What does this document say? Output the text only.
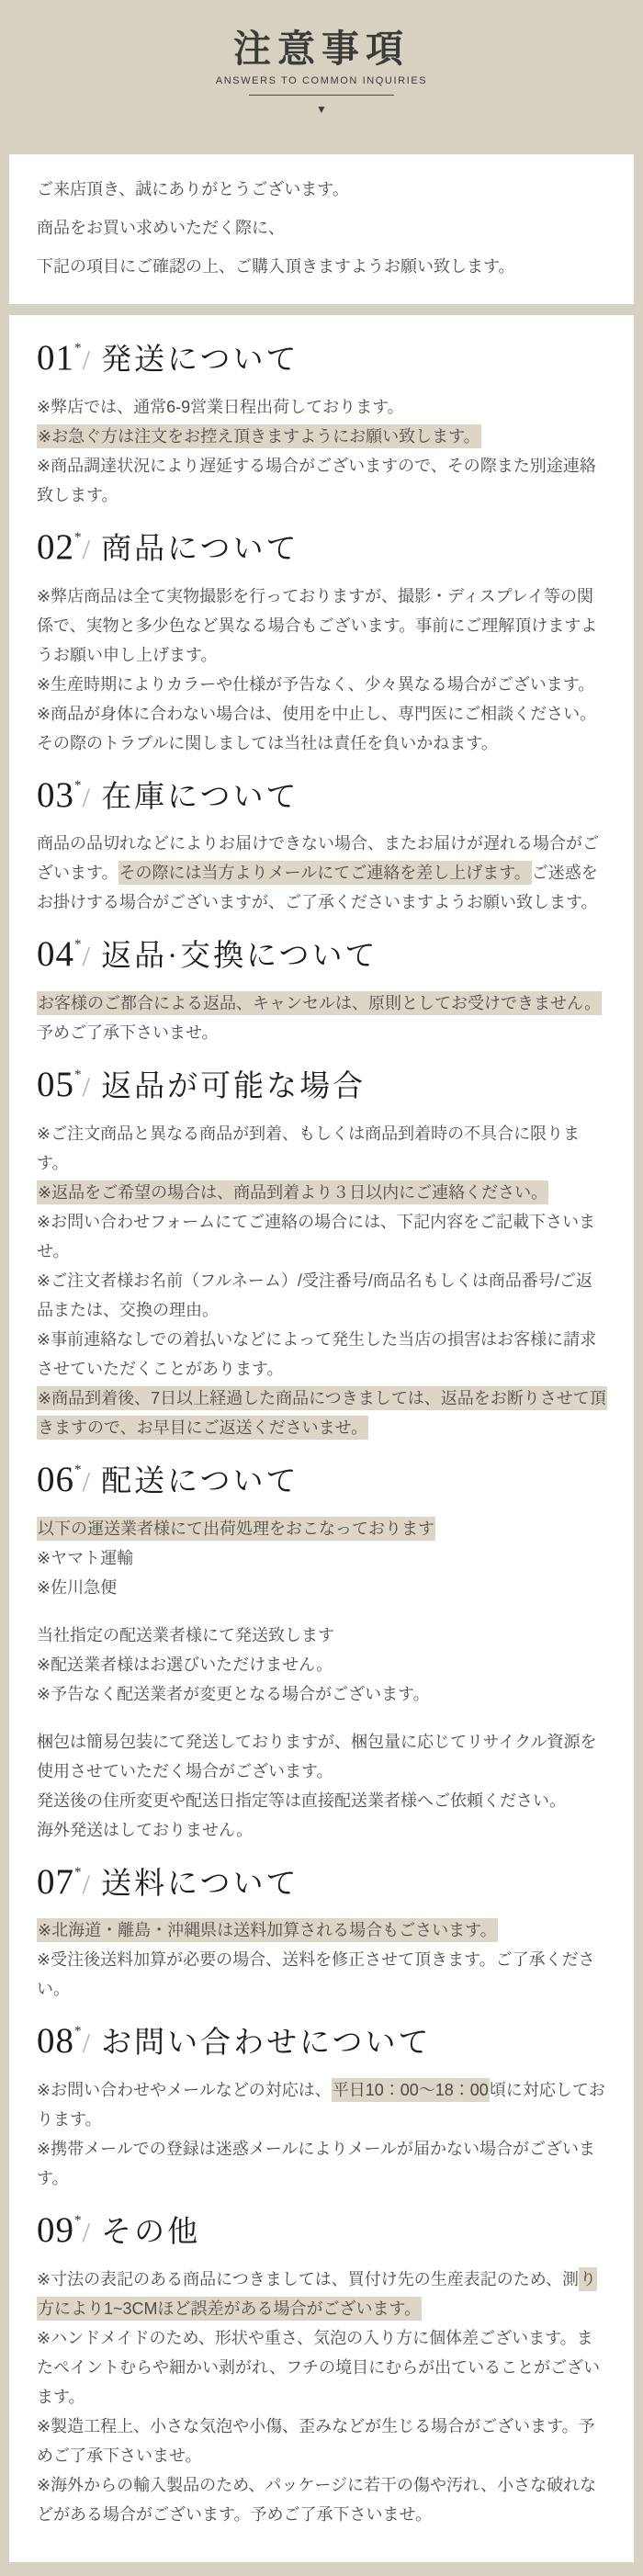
注意事項
ANSWERS TO COMMON INQUIRIES
▼

ご来店頂き、誠にありがとうございます。

商品をお買い求めいただく際に、

下記の項目にご確認の上、ご購入頂きますようお願い致します。

01*/ 発送について

※弊店では、通常6-9営業日程出荷しております。

※お急ぐ方は注文をお控え頂きますようにお願い致します。

※商品調達状況により遅延する場合がございますので、その際また別途連絡致します。

02*/ 商品について

※弊店商品は全て実物撮影を行っておりますが、撮影・ディスプレイ等の関係で、実物と多少色など異なる場合もございます。事前にご理解頂けますようお願い申し上げます。

※生産時期によりカラーや仕様が予告なく、少々異なる場合がございます。

※商品が身体に合わない場合は、使用を中止し、専門医にご相談ください。その際のトラブルに関しましては当社は責任を負いかねます。

03*/ 在庫について

商品の品切れなどによりお届けできない場合、またお届けが遅れる場合がございます。その際には当方よりメールにてご連絡を差し上げます。ご迷惑をお掛けする場合がございますが、ご了承くださいますようお願い致します。

04*/ 返品·交換について

お客様のご都合による返品、キャンセルは、原則としてお受けできません。予めご了承下さいませ。

05*/ 返品が可能な場合

※ご注文商品と異なる商品が到着、もしくは商品到着時の不具合に限ります。

※返品をご希望の場合は、商品到着より３日以内にご連絡ください。

※お問い合わせフォームにてご連絡の場合には、下記内容をご記載下さいませ。

※ご注文者様お名前（フルネーム）/受注番号/商品名もしくは商品番号/ご返品または、交換の理由。

※事前連絡なしでの着払いなどによって発生した当店の損害はお客様に請求させていただくことがあります。

※商品到着後、7日以上経過した商品につきましては、返品をお断りさせて頂きますので、お早目にご返送くださいませ。

06*/ 配送について

以下の運送業者様にて出荷処理をおこなっております

※ヤマト運輸

※佐川急便

当社指定の配送業者様にて発送致します

※配送業者様はお選びいただけません。

※予告なく配送業者が変更となる場合がございます。

梱包は簡易包装にて発送しておりますが、梱包量に応じてリサイクル資源を使用させていただく場合がございます。

発送後の住所変更や配送日指定等は直接配送業者様へご依頼ください。

海外発送はしておりません。

07*/ 送料について

※北海道・離島・沖縄県は送料加算される場合もごさいます。

※受注後送料加算が必要の場合、送料を修正させて頂きます。ご了承ください。

08*/ お問い合わせについて

※お問い合わせやメールなどの対応は、平日10：00～18：00頃に対応しております。

※携帯メールでの登録は迷惑メールによりメールが届かない場合がございます。

09*/ その他

※寸法の表記のある商品につきましては、買付け先の生産表記のため、測り方により1~3CMほど誤差がある場合がございます。

※ハンドメイドのため、形状や重さ、気泡の入り方に個体差ございます。またペイントむらや細かい剥がれ、フチの境目にむらが出ていることがございます。

※製造工程上、小さな気泡や小傷、歪みなどが生じる場合がございます。予めご了承下さいませ。

※海外からの輸入製品のため、パッケージに若干の傷や汚れ、小さな破れなどがある場合がございます。予めご了承下さいませ。
